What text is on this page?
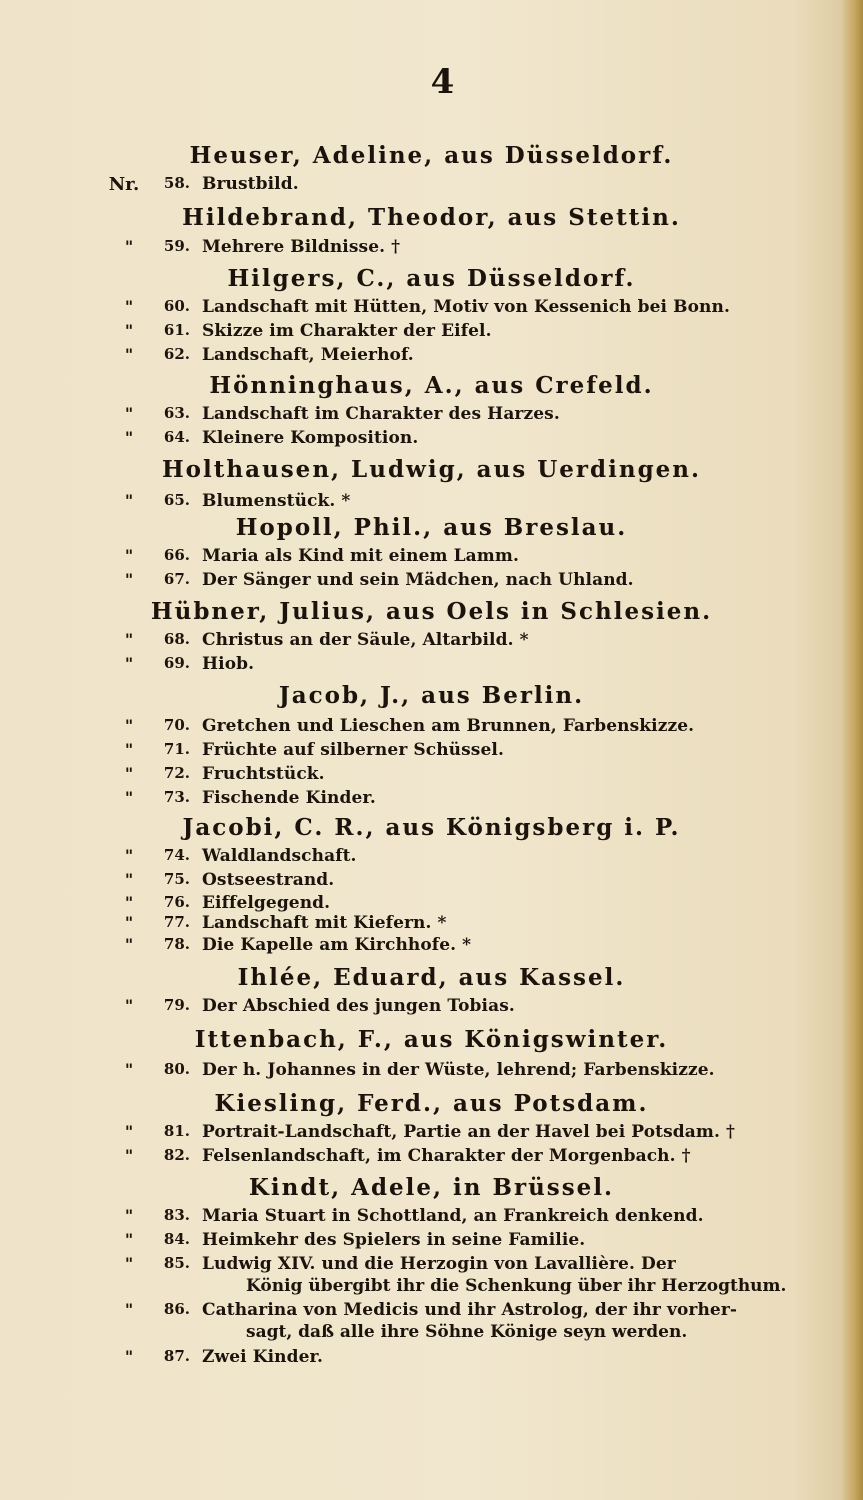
4
Heuser, Adeline, aus Düsseldorf.
Nr.	58. Brustbild.
Hildebrand, Theodor, aus Stettin.
"	59. Mehrere Bildnisse. †
Hilgers, C., aus Düsseldorf.
"	60. Landschaft mit Hütten, Motiv von Kessenich bei Bonn.
"	61. Skizze im Charakter der Eifel.
"	62. Landschaft, Meierhof.
Hönninghaus, A., aus Crefeld.
"	63. Landschaft im Charakter des Harzes.
"	64. Kleinere Komposition.
Holthausen, Ludwig, aus Uerdingen.
"	65. Blumenstück. *
Hopoll, Phil., aus Breslau.
"	66. Maria als Kind mit einem Lamm.
"	67. Der Sänger und sein Mädchen, nach Uhland.
Hübner, Julius, aus Oels in Schlesien.
"	68. Christus an der Säule, Altarbild. *
"	69. Hiob.
Jacob, J., aus Berlin.
"	70. Gretchen und Lieschen am Brunnen, Farbenskizze.
"	71. Früchte auf silberner Schüssel.
"	72. Fruchtstück.
"	73. Fischende Kinder.
Jacobi, C. R., aus Königsberg i. P.
"	74. Waldlandschaft.
"	75. Ostseestrand.
"	76. Eiffelgegend.
"	77. Landschaft mit Kiefern. *
"	78. Die Kapelle am Kirchhofe. *
Ihlée, Eduard, aus Kassel.
"	79. Der Abschied des jungen Tobias.
Ittenbach, F., aus Königswinter.
"	80. Der h. Johannes in der Wüste, lehrend; Farbenskizze.
Kiesling, Ferd., aus Potsdam.
"	81. Portrait-Landschaft, Partie an der Havel bei Potsdam. †
"	82. Felsenlandschaft, im Charakter der Morgenbach. †
Kindt, Adele, in Brüssel.
"	83. Maria Stuart in Schottland, an Frankreich denkend.
"	84. Heimkehr des Spielers in seine Familie.
"	85. Ludwig XIV. und die Herzogin von Lavallière. Der
König übergibt ihr die Schenkung über ihr Herzogthum.
"	86. Catharina von Medicis und ihr Astrolog, der ihr vorher-
sagt, daß alle ihre Söhne Könige seyn werden.
"	87. Zwei Kinder.
